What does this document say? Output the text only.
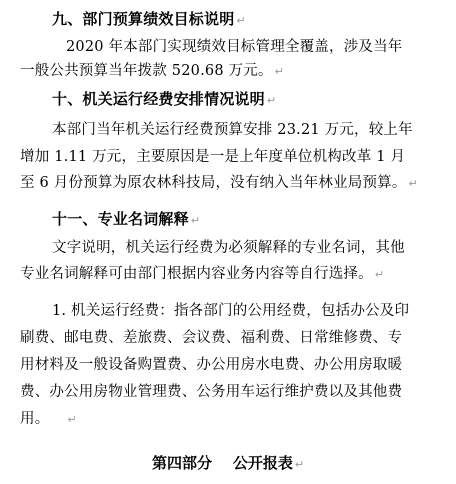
九、部门预算绩效目标说明 ↵
2020 年本部门实现绩效目标管理全覆盖，涉及当年
一般公共预算当年拨款 520.68 万元。 ↵
十、机关运行经费安排情况说明 ↵
本部门当年机关运行经费预算安排 23.21 万元，较上年
增加 1.11 万元，主要原因是一是上年度单位机构改革 1 月
至 6 月份预算为原农林科技局，没有纳入当年林业局预算。 ↵
十一、专业名词解释 ↵
文字说明，机关运行经费为必须解释的专业名词，其他
专业名词解释可由部门根据内容业务内容等自行选择。 ↵
1. 机关运行经费：指各部门的公用经费，包括办公及印
刷费、邮电费、差旅费、会议费、福利费、日常维修费、专
用材料及一般设备购置费、办公用房水电费、办公用房取暖
费、办公用房物业管理费、公务用车运行维护费以及其他费
用。 ↵
第四部分    公开报表 ↵
